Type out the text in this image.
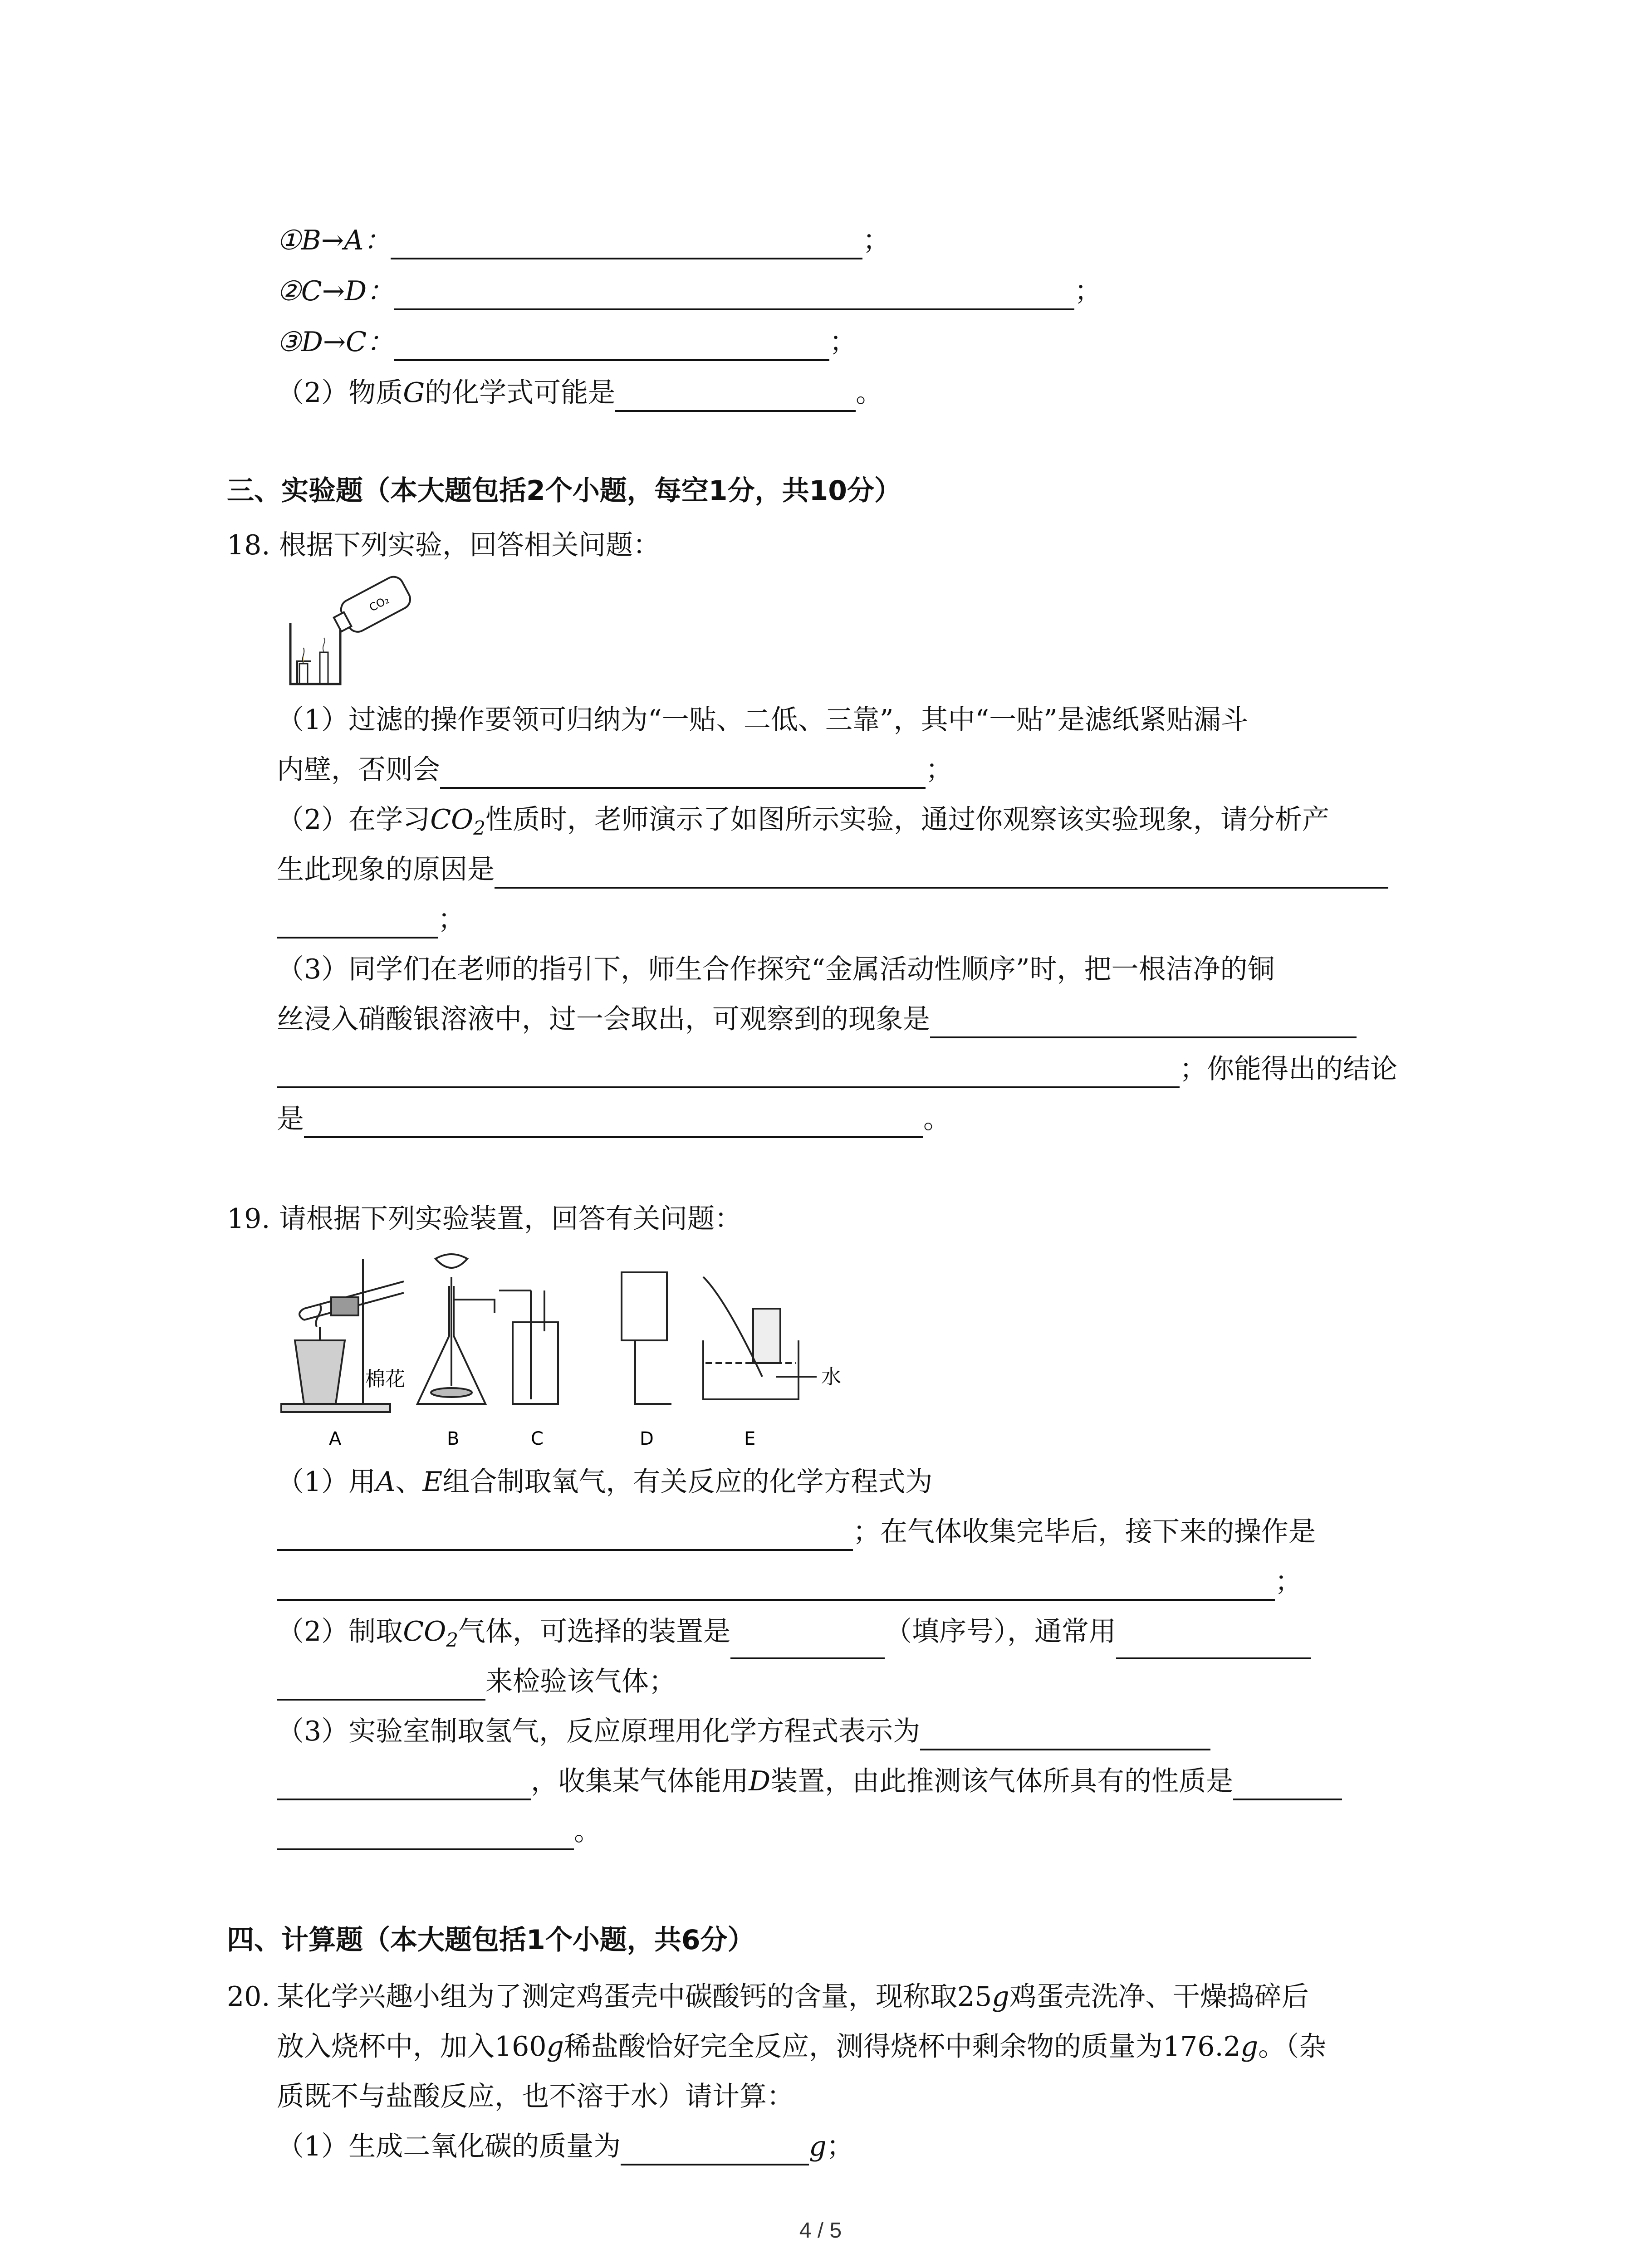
①B→A：	；
②C→D：	；
③D→C：	；
（2）物质G的化学式可能是	。
三、实验题（本大题包括2个小题，每空1分，共10分）
18. 根据下列实验，回答相关问题：
CO₂
（1）过滤的操作要领可归纳为“一贴、二低、三靠”，其中“一贴”是滤纸紧贴漏斗
内壁，否则会	；
（2）在学习$CO_2$性质时，老师演示了如图所示实验，通过你观察该实验现象，请分析产
生此现象的原因是
；
（3）同学们在老师的指引下，师生合作探究“金属活动性顺序”时，把一根洁净的铜
丝浸入硝酸银溶液中，过一会取出，可观察到的现象是
；你能得出的结论
是	。
19. 请根据下列实验装置，回答有关问题：
棉花	水
A	B	C	D	E
（1）用A、E组合制取氧气，有关反应的化学方程式为
；在气体收集完毕后，接下来的操作是
；
（2）制取$CO_2$气体，可选择的装置是	（填序号），通常用
来检验该气体；
（3）实验室制取氢气，反应原理用化学方程式表示为
，收集某气体能用D装置，由此推测该气体所具有的性质是
。
四、计算题（本大题包括1个小题，共6分）
20. 某化学兴趣小组为了测定鸡蛋壳中碳酸钙的含量，现称取25g鸡蛋壳洗净、干燥捣碎后
放入烧杯中，加入160g稀盐酸恰好完全反应，测得烧杯中剩余物的质量为176.2g。（杂
质既不与盐酸反应，也不溶于水）请计算：
（1）生成二氧化碳的质量为	g；
4 / 5
